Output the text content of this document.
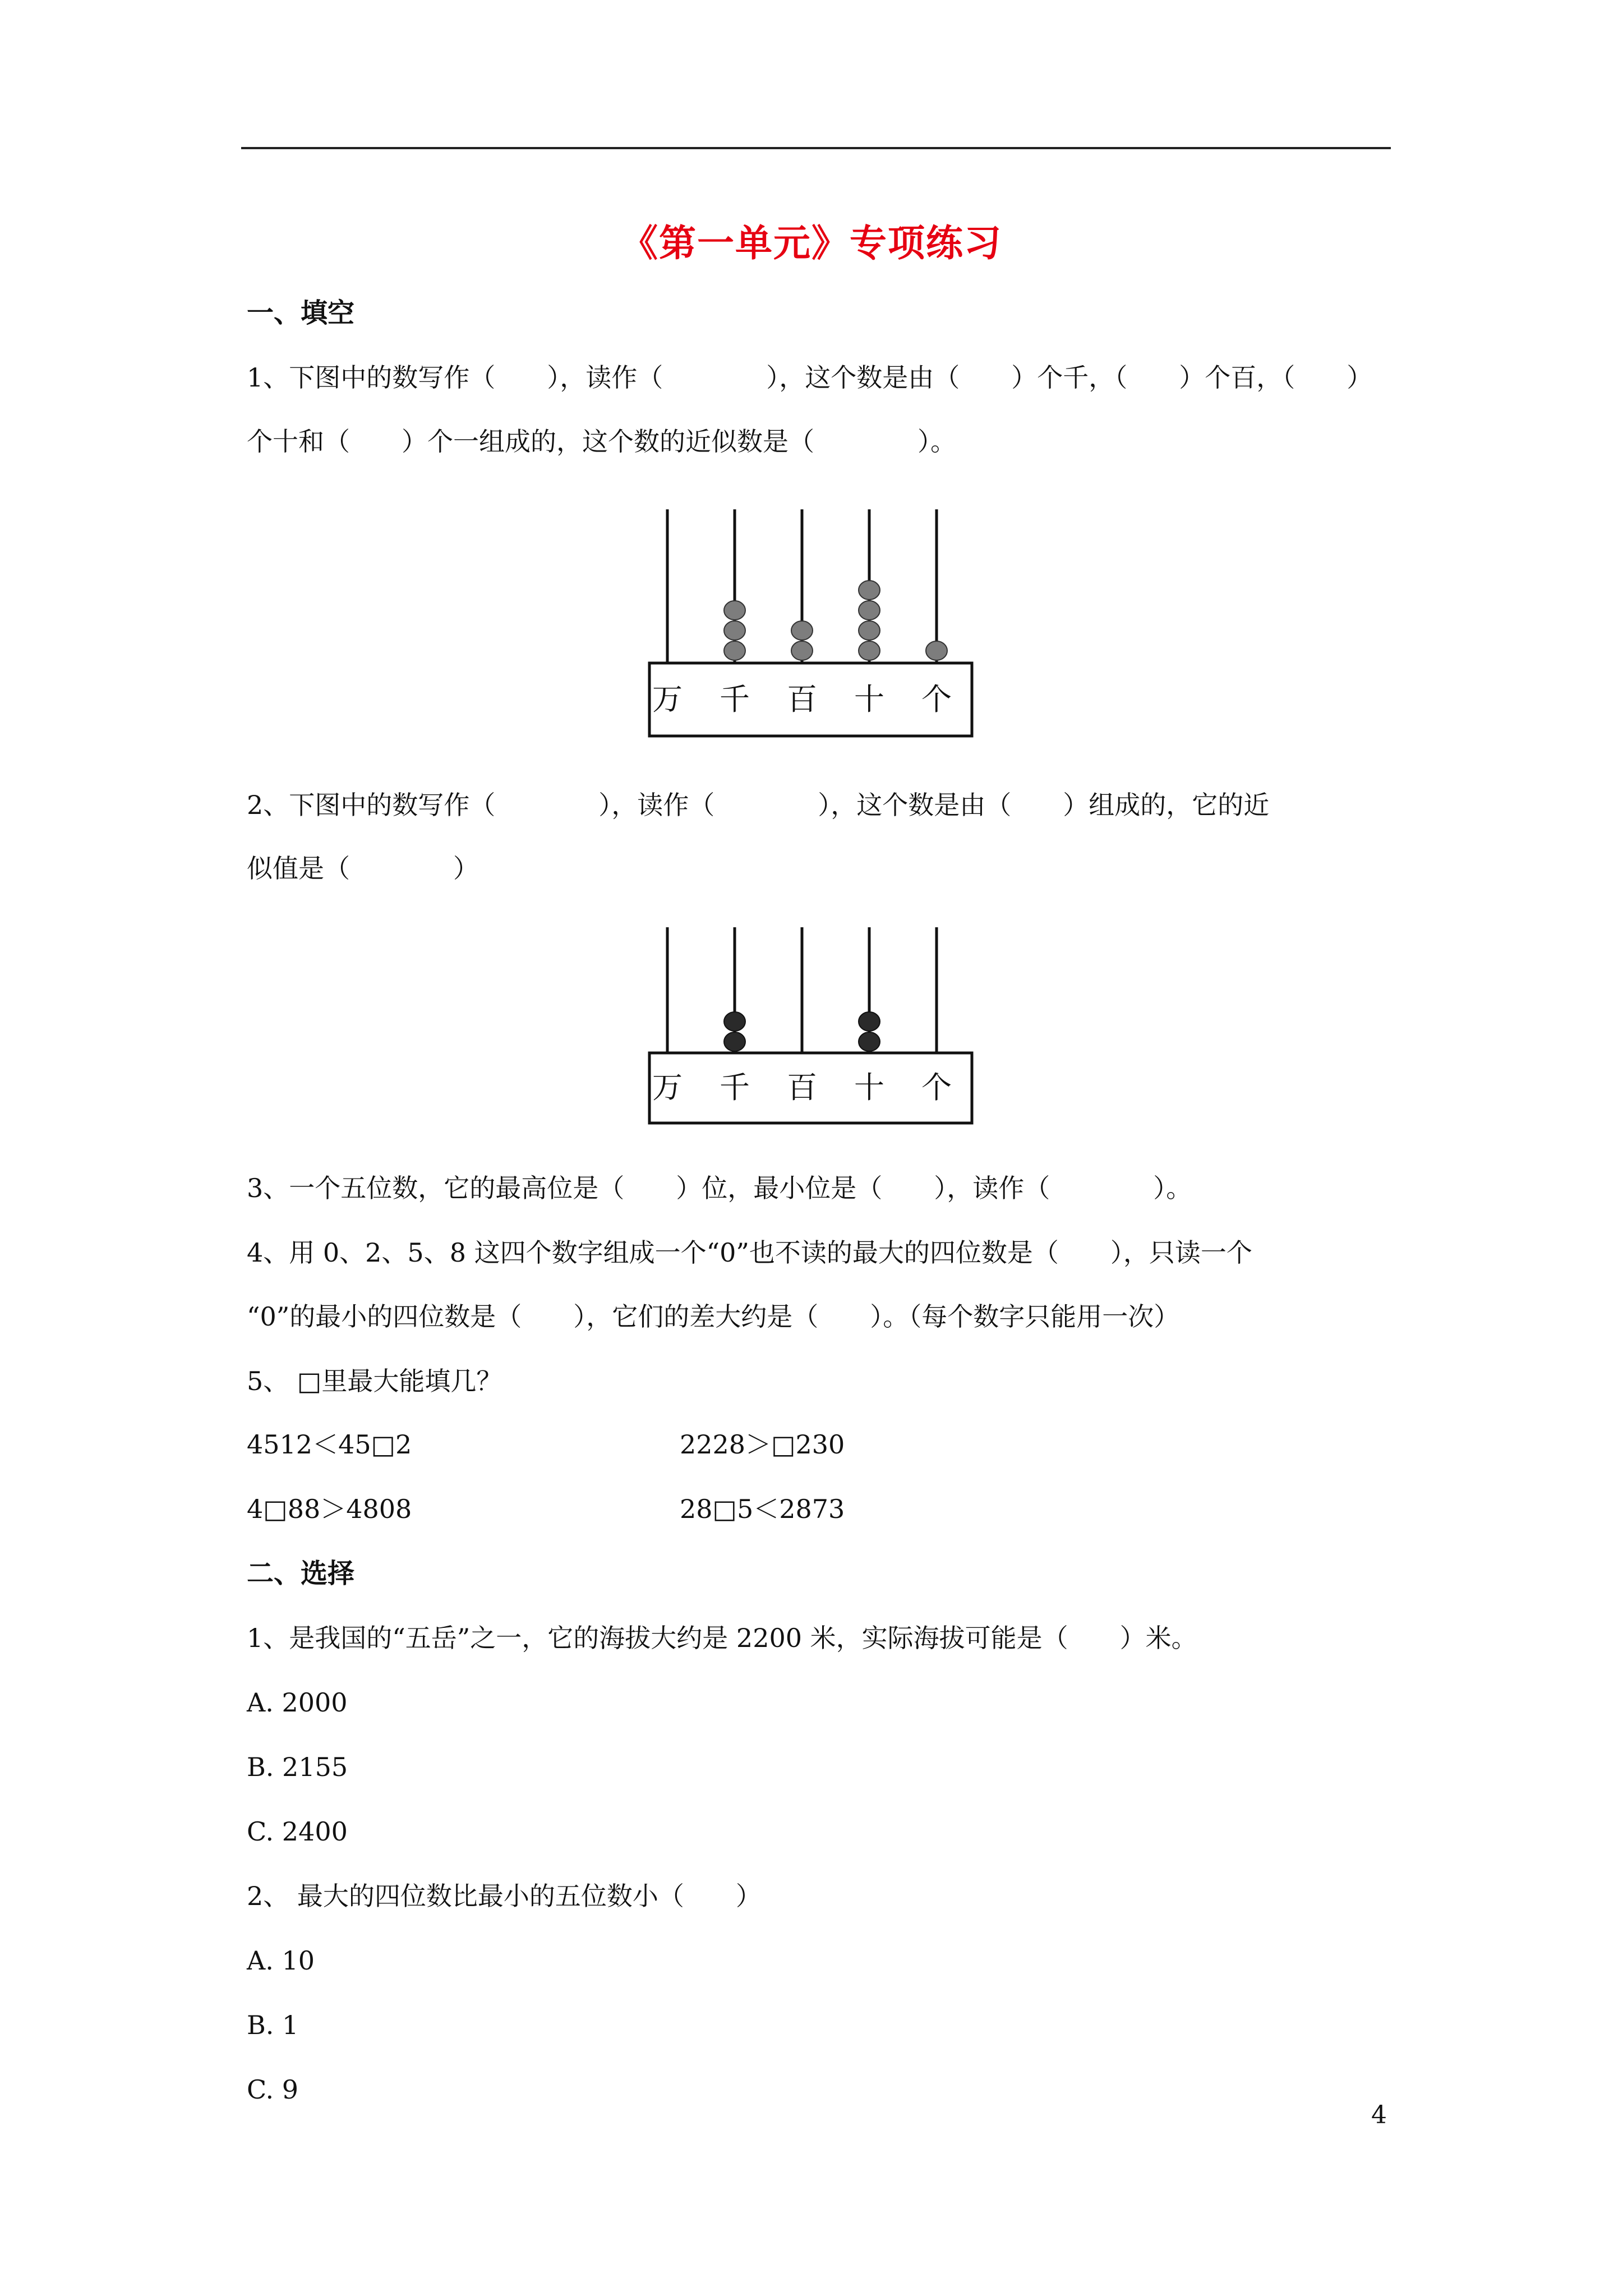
《第一单元》专项练习
一、填空
1、下图中的数写作（　　），读作（　　　　），这个数是由（　　）个千，（　　）个百，（　　）
个十和（　　）个一组成的，这个数的近似数是（　　　　）。
万 千 百 十 个
2、下图中的数写作（　　　　），读作（　　　　），这个数是由（　　）组成的，它的近
似值是（　　　　）
万 千 百 十 个
3、一个五位数，它的最高位是（　　）位，最小位是（　　），读作（　　　　）。
4、用 0、2、5、8 这四个数字组成一个“0”也不读的最大的四位数是（　　），只读一个
“0”的最小的四位数是（　　），它们的差大约是（　　）。（每个数字只能用一次）
5、 □里最大能填几？
4512＜45□2	2228＞□230
4□88＞4808	28□5＜2873
二、选择
1、是我国的“五岳”之一，它的海拔大约是 2200 米，实际海拔可能是（　　）米。
A. 2000
B. 2155
C. 2400
2、 最大的四位数比最小的五位数小（　　）
A. 10
B. 1
C. 9
4
